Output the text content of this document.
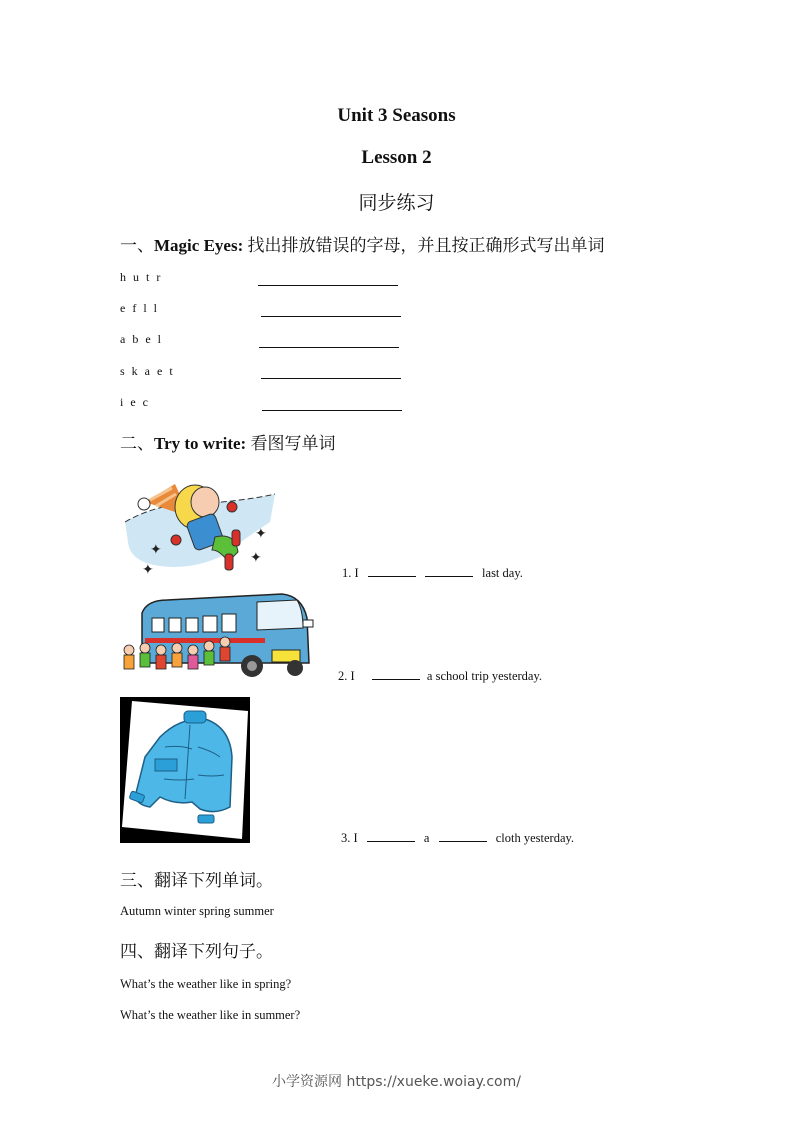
Unit 3 Seasons
Lesson 2
同步练习
一、Magic Eyes: 找出排放错误的字母，并且按正确形式写出单词
h u t r
e f l l
a b e l
s k a e t
i e c
二、Try to write: 看图写单词
✦
✦
✦
✦	1. I	last day.
2. I	a school trip yesterday.
3. I	a	cloth yesterday.
三、翻译下列单词。
Autumn winter spring summer
四、翻译下列句子。
What’s the weather like in spring?
What’s the weather like in summer?
小学资源网 https://xueke.woiay.com/
